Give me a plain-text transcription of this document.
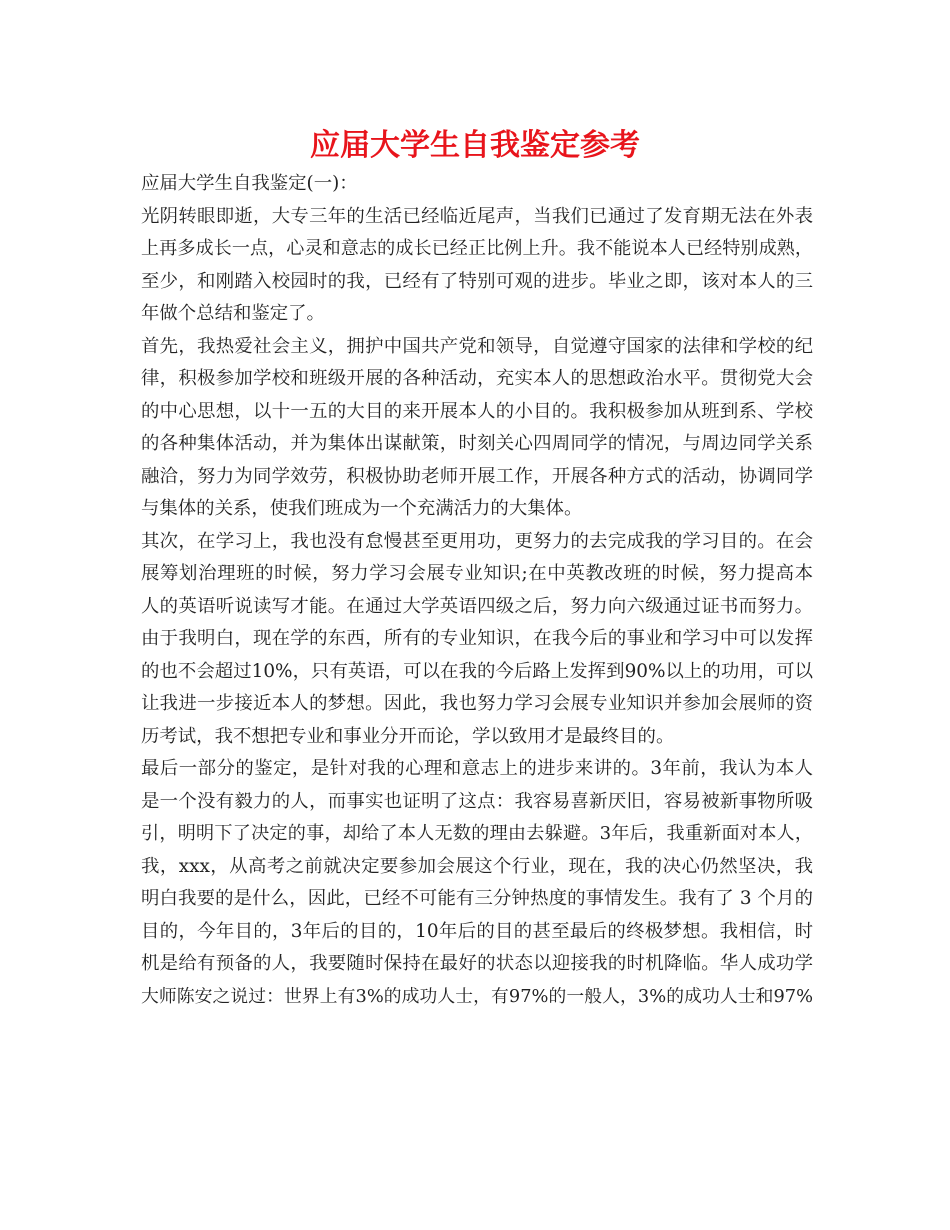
应届大学生自我鉴定参考
应届大学生自我鉴定(一)：
光阴转眼即逝，大专三年的生活已经临近尾声，当我们已通过了发育期无法在外表
上再多成长一点，心灵和意志的成长已经正比例上升。我不能说本人已经特别成熟，
至少，和刚踏入校园时的我，已经有了特别可观的进步。毕业之即，该对本人的三
年做个总结和鉴定了。
首先，我热爱社会主义，拥护中国共产党和领导，自觉遵守国家的法律和学校的纪
律，积极参加学校和班级开展的各种活动，充实本人的思想政治水平。贯彻党大会
的中心思想，以十一五的大目的来开展本人的小目的。我积极参加从班到系、学校
的各种集体活动，并为集体出谋献策，时刻关心四周同学的情况，与周边同学关系
融洽，努力为同学效劳，积极协助老师开展工作，开展各种方式的活动，协调同学
与集体的关系，使我们班成为一个充满活力的大集体。
其次，在学习上，我也没有怠慢甚至更用功，更努力的去完成我的学习目的。在会
展筹划治理班的时候，努力学习会展专业知识;在中英教改班的时候，努力提高本
人的英语听说读写才能。在通过大学英语四级之后，努力向六级通过证书而努力。
由于我明白，现在学的东西，所有的专业知识，在我今后的事业和学习中可以发挥
的也不会超过10%，只有英语，可以在我的今后路上发挥到90%以上的功用，可以
让我进一步接近本人的梦想。因此，我也努力学习会展专业知识并参加会展师的资
历考试，我不想把专业和事业分开而论，学以致用才是最终目的。
最后一部分的鉴定，是针对我的心理和意志上的进步来讲的。3年前，我认为本人
是一个没有毅力的人，而事实也证明了这点：我容易喜新厌旧，容易被新事物所吸
引，明明下了决定的事，却给了本人无数的理由去躲避。3年后，我重新面对本人，
我，xxx，从高考之前就决定要参加会展这个行业，现在，我的决心仍然坚决，我
明白我要的是什么，因此，已经不可能有三分钟热度的事情发生。我有了 3 个月的
目的，今年目的，3年后的目的，10年后的目的甚至最后的终极梦想。我相信，时
机是给有预备的人，我要随时保持在最好的状态以迎接我的时机降临。华人成功学
大师陈安之说过：世界上有3%的成功人士，有97%的一般人，3%的成功人士和97%
